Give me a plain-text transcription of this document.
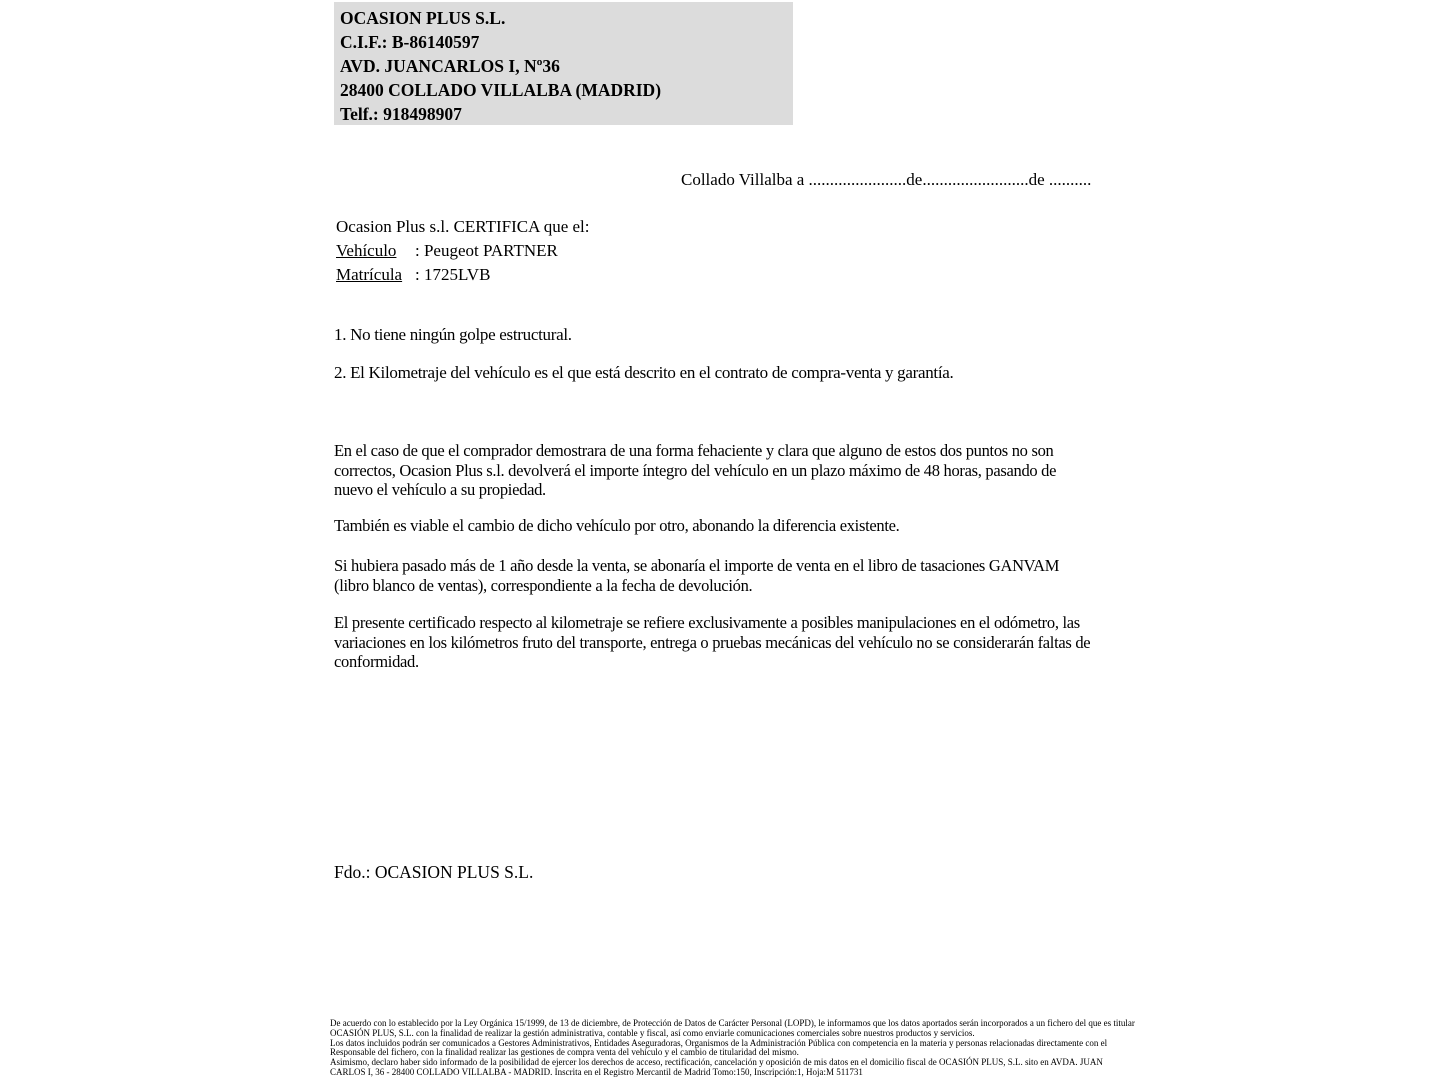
OCASION PLUS S.L.
C.I.F.: B-86140597
AVD. JUANCARLOS I, Nº36
28400 COLLADO VILLALBA (MADRID)
Telf.: 918498907
Collado Villalba a .......................de.........................de ..........
Ocasion Plus s.l. CERTIFICA que el:
Vehículo : Peugeot PARTNER
Matrícula : 1725LVB
1. No tiene ningún golpe estructural.
2. El Kilometraje del vehículo es el que está descrito en el contrato de compra-venta y garantía.
En el caso de que el comprador demostrara de una forma fehaciente y clara que alguno de estos dos puntos no son correctos, Ocasion Plus s.l. devolverá el importe íntegro del vehículo en un plazo máximo de 48 horas, pasando de nuevo el vehículo a su propiedad.
También es viable el cambio de dicho vehículo por otro, abonando la diferencia existente.
Si hubiera pasado más de 1 año desde la venta, se abonaría el importe de venta en el libro de tasaciones GANVAM (libro blanco de ventas), correspondiente a la fecha de devolución.
El presente certificado respecto al kilometraje se refiere exclusivamente a posibles manipulaciones en el odómetro, las variaciones en los kilómetros fruto del transporte, entrega o pruebas mecánicas del vehículo no se considerarán faltas de conformidad.
Fdo.: OCASION PLUS S.L.
De acuerdo con lo establecido por la Ley Orgánica 15/1999, de 13 de diciembre, de Protección de Datos de Carácter Personal (LOPD), le informamos que los datos aportados serán incorporados a un fichero del que es titular
OCASIÓN PLUS, S.L. con la finalidad de realizar la gestión administrativa, contable y fiscal, así como enviarle comunicaciones comerciales sobre nuestros productos y servicios.
Los datos incluidos podrán ser comunicados a Gestores Administrativos, Entidades Aseguradoras, Organismos de la Administración Pública con competencia en la materia y personas relacionadas directamente con el
Responsable del fichero, con la finalidad realizar las gestiones de compra venta del vehículo y el cambio de titularidad del mismo.
Asimismo, declaro haber sido informado de la posibilidad de ejercer los derechos de acceso, rectificación, cancelación y oposición de mis datos en el domicilio fiscal de OCASIÓN PLUS, S.L. sito en AVDA. JUAN
CARLOS I, 36 - 28400 COLLADO VILLALBA - MADRID. Inscrita en el Registro Mercantil de Madrid Tomo:150, Inscripción:1, Hoja:M 511731
